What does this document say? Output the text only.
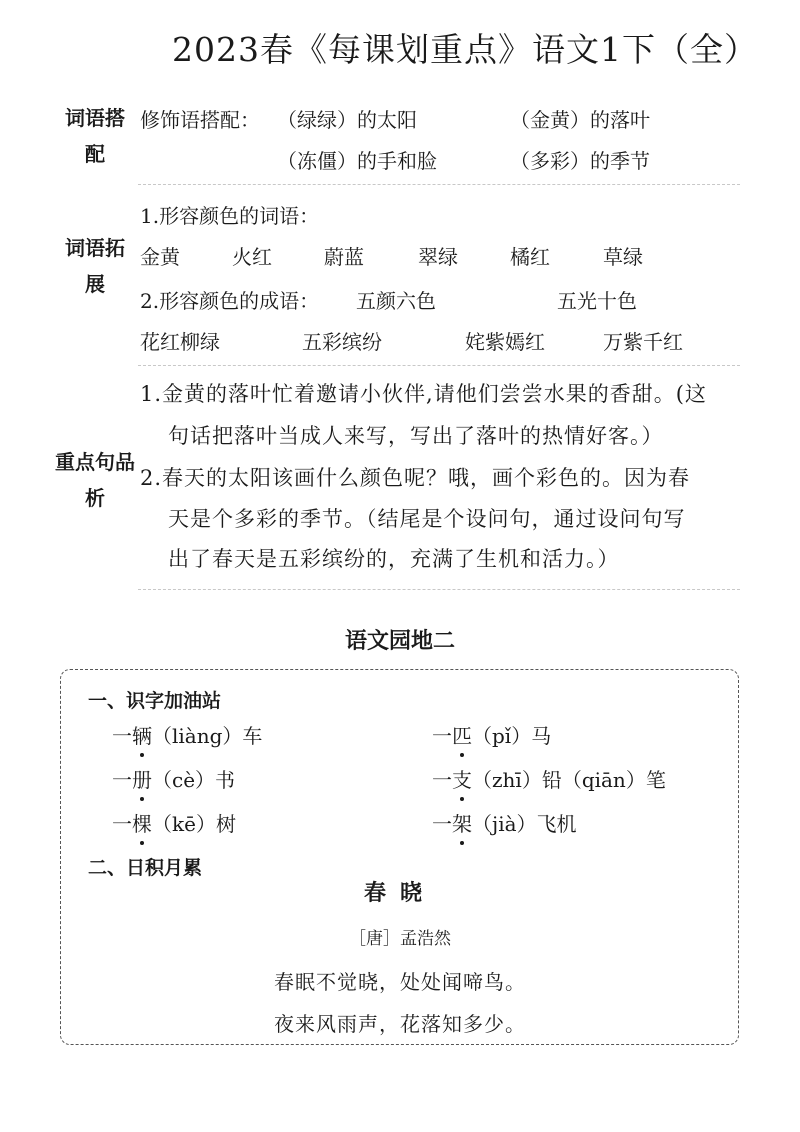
2023春《每课划重点》语文1下（全）
词语搭配
修饰语搭配： （绿绿）的太阳	（金黄）的落叶
（冻僵）的手和脸	（多彩）的季节
词语拓展
1.形容颜色的词语：
金黄	火红	蔚蓝	翠绿	橘红	草绿
2.形容颜色的成语： 五颜六色	五光十色
花红柳绿	五彩缤纷	姹紫嫣红	万紫千红
重点句品析
1.金黄的落叶忙着邀请小伙伴,请他们尝尝水果的香甜。(这
句话把落叶当成人来写，写出了落叶的热情好客。）
2.春天的太阳该画什么颜色呢？哦，画个彩色的。因为春
天是个多彩的季节。（结尾是个设问句，通过设问句写
出了春天是五彩缤纷的，充满了生机和活力。）
语文园地二
一、识字加油站
一辆（liàng）车	一匹（pǐ）马
一册（cè）书	一支（zhī）铅（qiān）笔
一棵（kē）树	一架（jià）飞机
二、日积月累
春晓
［唐］孟浩然
春眠不觉晓，处处闻啼鸟。
夜来风雨声，花落知多少。
